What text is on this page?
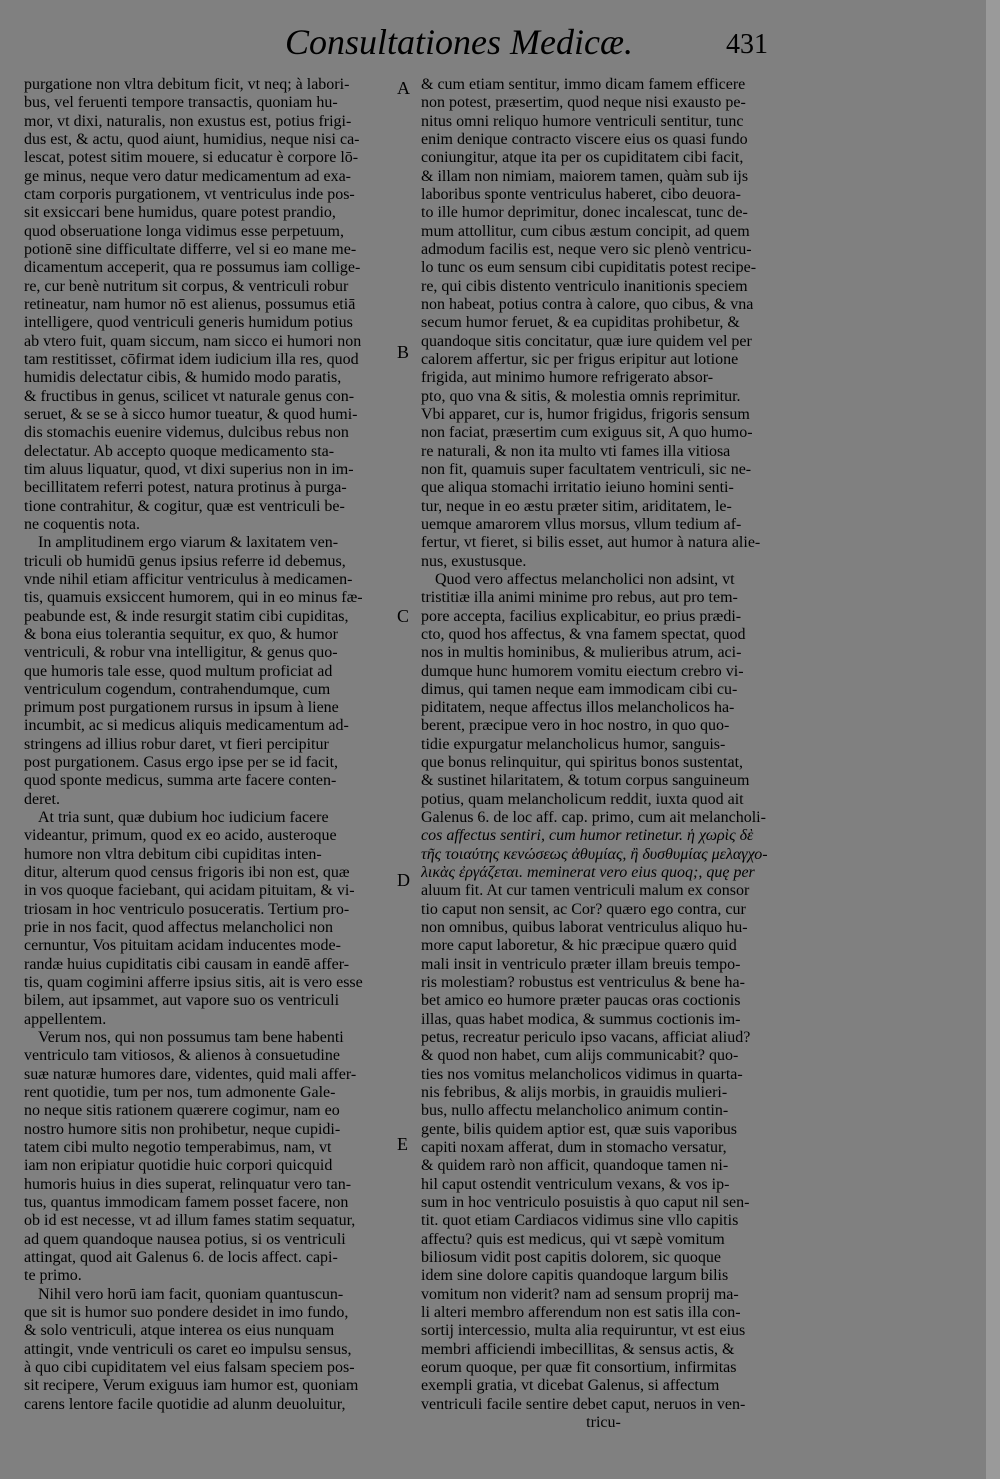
Consultationes Medicæ.	431
A
B
C
D
E
purgatione non vltra debitum ficit, vt neq; à labori-
bus, vel feruenti tempore transactis, quoniam hu-
mor, vt dixi, naturalis, non exustus est, potius frigi-
dus est, & actu, quod aiunt, humidius, neque nisi ca-
lescat, potest sitim mouere, si educatur è corpore lō-
ge minus, neque vero datur medicamentum ad exa-
ctam corporis purgationem, vt ventriculus inde pos-
sit exsiccari bene humidus, quare potest prandio,
quod obseruatione longa vidimus esse perpetuum,
potionē sine difficultate differre, vel si eo mane me-
dicamentum acceperit, qua re possumus iam collige-
re, cur benè nutritum sit corpus, & ventriculi robur
retineatur, nam humor nō est alienus, possumus etiā
intelligere, quod ventriculi generis humidum potius
ab vtero fuit, quam siccum, nam sicco ei humori non
tam restitisset, cōfirmat idem iudicium illa res, quod
humidis delectatur cibis, & humido modo paratis,
& fructibus in genus, scilicet vt naturale genus con-
seruet, & se se à sicco humor tueatur, & quod humi-
dis stomachis euenire videmus, dulcibus rebus non
delectatur. Ab accepto quoque medicamento sta-
tim aluus liquatur, quod, vt dixi superius non in im-
becillitatem referri potest, natura protinus à purga-
tione contrahitur, & cogitur, quæ est ventriculi be-
ne coquentis nota.
In amplitudinem ergo viarum & laxitatem ven-
triculi ob humidū genus ipsius referre id debemus,
vnde nihil etiam afficitur ventriculus à medicamen-
tis, quamuis exsiccent humorem, qui in eo minus fæ-
peabunde est, & inde resurgit statim cibi cupiditas,
& bona eius tolerantia sequitur, ex quo, & humor
ventriculi, & robur vna intelligitur, & genus quo-
que humoris tale esse, quod multum proficiat ad
ventriculum cogendum, contrahendumque, cum
primum post purgationem rursus in ipsum à liene
incumbit, ac si medicus aliquis medicamentum ad-
stringens ad illius robur daret, vt fieri percipitur
post purgationem. Casus ergo ipse per se id facit,
quod sponte medicus, summa arte facere conten-
deret.
At tria sunt, quæ dubium hoc iudicium facere
videantur, primum, quod ex eo acido, austeroque
humore non vltra debitum cibi cupiditas inten-
ditur, alterum quod census frigoris ibi non est, quæ
in vos quoque faciebant, qui acidam pituitam, & vi-
triosam in hoc ventriculo posuceratis. Tertium pro-
prie in nos facit, quod affectus melancholici non
cernuntur, Vos pituitam acidam inducentes mode-
randæ huius cupiditatis cibi causam in eandē affer-
tis, quam cogimini afferre ipsius sitis, ait is vero esse
bilem, aut ipsammet, aut vapore suo os ventriculi
appellentem.
Verum nos, qui non possumus tam bene habenti
ventriculo tam vitiosos, & alienos à consuetudine
suæ naturæ humores dare, videntes, quid mali affer-
rent quotidie, tum per nos, tum admonente Gale-
no neque sitis rationem quærere cogimur, nam eo
nostro humore sitis non prohibetur, neque cupidi-
tatem cibi multo negotio temperabimus, nam, vt
iam non eripiatur quotidie huic corpori quicquid
humoris huius in dies superat, relinquatur vero tan-
tus, quantus immodicam famem posset facere, non
ob id est necesse, vt ad illum fames statim sequatur,
ad quem quandoque nausea potius, si os ventriculi
attingat, quod ait Galenus 6. de locis affect. capi-
te primo.
Nihil vero horū iam facit, quoniam quantuscun-
que sit is humor suo pondere desidet in imo fundo,
& solo ventriculi, atque interea os eius nunquam
attingit, vnde ventriculi os caret eo impulsu sensus,
à quo cibi cupiditatem vel eius falsam speciem pos-
sit recipere, Verum exiguus iam humor est, quoniam
carens lentore facile quotidie ad alunm deuoluitur,
& cum etiam sentitur, immo dicam famem efficere
non potest, præsertim, quod neque nisi exausto pe-
nitus omni reliquo humore ventriculi sentitur, tunc
enim denique contracto viscere eius os quasi fundo
coniungitur, atque ita per os cupiditatem cibi facit,
& illam non nimiam, maiorem tamen, quàm sub ijs
laboribus sponte ventriculus haberet, cibo deuora-
to ille humor deprimitur, donec incalescat, tunc de-
mum attollitur, cum cibus æstum concipit, ad quem
admodum facilis est, neque vero sic plenò ventricu-
lo tunc os eum sensum cibi cupiditatis potest recipe-
re, qui cibis distento ventriculo inanitionis speciem
non habeat, potius contra à calore, quo cibus, & vna
secum humor feruet, & ea cupiditas prohibetur, &
quandoque sitis concitatur, quæ iure quidem vel per
calorem affertur, sic per frigus eripitur aut lotione
frigida, aut minimo humore refrigerato absor-
pto, quo vna & sitis, & molestia omnis reprimitur.
Vbi apparet, cur is, humor frigidus, frigoris sensum
non faciat, præsertim cum exiguus sit, A quo humo-
re naturali, & non ita multo vti fames illa vitiosa
non fit, quamuis super facultatem ventriculi, sic ne-
que aliqua stomachi irritatio ieiuno homini senti-
tur, neque in eo æstu præter sitim, ariditatem, le-
uemque amarorem vllus morsus, vllum tedium af-
fertur, vt fieret, si bilis esset, aut humor à natura alie-
nus, exustusque.
Quod vero affectus melancholici non adsint, vt
tristitiæ illa animi minime pro rebus, aut pro tem-
pore accepta, facilius explicabitur, eo prius prædi-
cto, quod hos affectus, & vna famem spectat, quod
nos in multis hominibus, & mulieribus atrum, aci-
dumque hunc humorem vomitu eiectum crebro vi-
dimus, qui tamen neque eam immodicam cibi cu-
piditatem, neque affectus illos melancholicos ha-
berent, præcipue vero in hoc nostro, in quo quo-
tidie expurgatur melancholicus humor, sanguis-
que bonus relinquitur, qui spiritus bonos sustentat,
& sustinet hilaritatem, & totum corpus sanguineum
potius, quam melancholicum reddit, iuxta quod ait
Galenus 6. de loc aff. cap. primo, cum ait melancholi-
cos affectus sentiri, cum humor retinetur. ἡ χωρὶς δὲ
τῆς τοιαύτης κενώσεως ἀθυμίας, ἢ δυσθυμίας μελαγχο-
λικὰς ἐργάζεται. meminerat vero eius quoq;, quę per
aluum fit. At cur tamen ventriculi malum ex consor
tio caput non sensit, ac Cor? quæro ego contra, cur
non omnibus, quibus laborat ventriculus aliquo hu-
more caput laboretur, & hic præcipue quæro quid
mali insit in ventriculo præter illam breuis tempo-
ris molestiam? robustus est ventriculus & bene ha-
bet amico eo humore præter paucas oras coctionis
illas, quas habet modica, & summus coctionis im-
petus, recreatur periculo ipso vacans, afficiat aliud?
& quod non habet, cum alijs communicabit? quo-
ties nos vomitus melancholicos vidimus in quarta-
nis febribus, & alijs morbis, in grauidis mulieri-
bus, nullo affectu melancholico animum contin-
gente, bilis quidem aptior est, quæ suis vaporibus
capiti noxam afferat, dum in stomacho versatur,
& quidem rarò non afficit, quandoque tamen ni-
hil caput ostendit ventriculum vexans, & vos ip-
sum in hoc ventriculo posuistis à quo caput nil sen-
tit. quot etiam Cardiacos vidimus sine vllo capitis
affectu? quis est medicus, qui vt sæpè vomitum
biliosum vidit post capitis dolorem, sic quoque
idem sine dolore capitis quandoque largum bilis
vomitum non viderit? nam ad sensum proprij ma-
li alteri membro afferendum non est satis illa con-
sortij intercessio, multa alia requiruntur, vt est eius
membri afficiendi imbecillitas, & sensus actis, &
eorum quoque, per quæ fit consortium, infirmitas
exempli gratia, vt dicebat Galenus, si affectum
ventriculi facile sentire debet caput, neruos in ven-
tricu-
